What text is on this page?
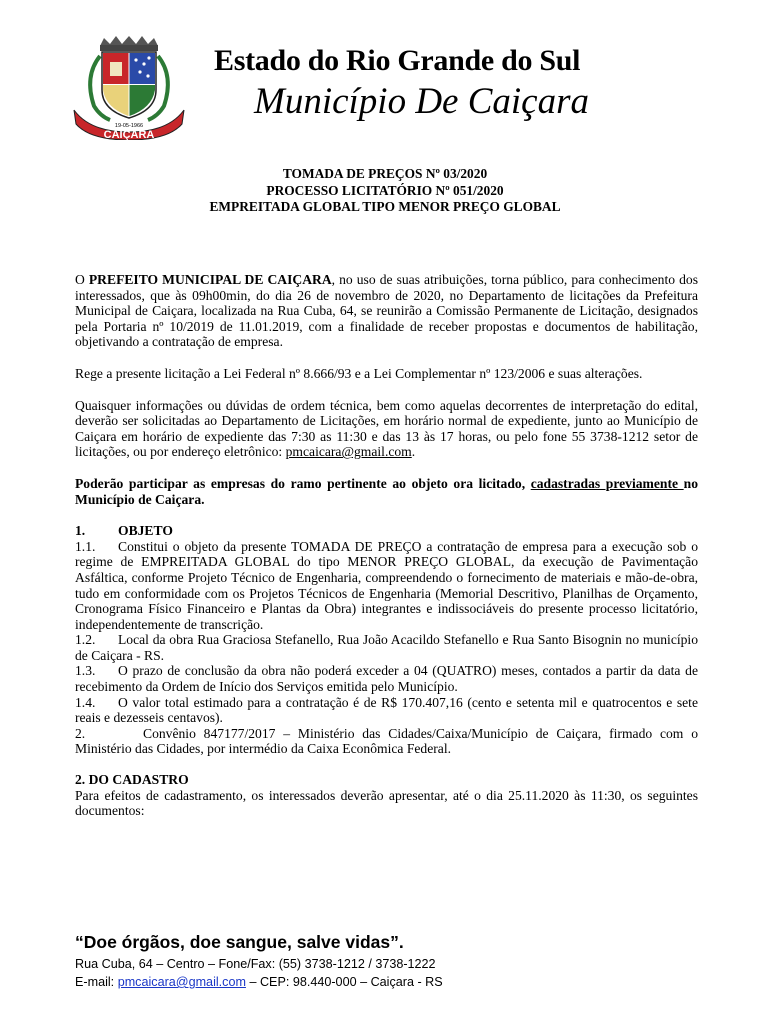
CAIÇARA
19-05-1966
Estado do Rio Grande do Sul
Município De Caiçara
TOMADA DE PREÇOS Nº 03/2020
PROCESSO LICITATÓRIO Nº 051/2020
EMPREITADA GLOBAL TIPO MENOR PREÇO GLOBAL

O PREFEITO MUNICIPAL DE CAIÇARA, no uso de suas atribuições, torna público, para conhecimento dos interessados, que às 09h00min, do dia 26 de novembro de 2020, no Departamento de licitações da Prefeitura Municipal de Caiçara, localizada na Rua Cuba, 64, se reunirão a Comissão Permanente de Licitação, designados pela Portaria nº 10/2019 de 11.01.2019, com a finalidade de receber propostas e documentos de habilitação, objetivando a contratação de empresa.

Rege a presente licitação a Lei Federal nº 8.666/93 e a Lei Complementar nº 123/2006 e suas alterações.

Quaisquer informações ou dúvidas de ordem técnica, bem como aquelas decorrentes de interpretação do edital, deverão ser solicitadas ao Departamento de Licitações, em horário normal de expediente, junto ao Município de Caiçara em horário de expediente das 7:30 as 11:30 e das 13 às 17 horas, ou pelo fone 55 3738-1212 setor de licitações, ou por endereço eletrônico: pmcaicara@gmail.com.

Poderão participar as empresas do ramo pertinente ao objeto ora licitado, cadastradas previamente no Município de Caiçara.

1. OBJETO

1.1. Constitui o objeto da presente TOMADA DE PREÇO a contratação de empresa para a execução sob o regime de EMPREITADA GLOBAL do tipo MENOR PREÇO GLOBAL, da execução de Pavimentação Asfáltica, conforme Projeto Técnico de Engenharia, compreendendo o fornecimento de materiais e mão-de-obra, tudo em conformidade com os Projetos Técnicos de Engenharia (Memorial Descritivo, Planilhas de Orçamento, Cronograma Físico Financeiro e Plantas da Obra) integrantes e indissociáveis do presente processo licitatório, independentemente de transcrição.

1.2. Local da obra Rua Graciosa Stefanello, Rua João Acacildo Stefanello e Rua Santo Bisognin no município de Caiçara - RS.

1.3. O prazo de conclusão da obra não poderá exceder a 04 (QUATRO) meses, contados a partir da data de recebimento da Ordem de Início dos Serviços emitida pelo Município.

1.4. O valor total estimado para a contratação é de R$ 170.407,16 (cento e setenta mil e quatrocentos e sete reais e dezesseis centavos).

2.	Convênio 847177/2017 – Ministério das Cidades/Caixa/Município de Caiçara, firmado com o Ministério das Cidades, por intermédio da Caixa Econômica Federal.

2. DO CADASTRO

Para efeitos de cadastramento, os interessados deverão apresentar, até o dia 25.11.2020 às 11:30, os seguintes documentos:

“Doe órgãos, doe sangue, salve vidas”.
Rua Cuba, 64 – Centro – Fone/Fax: (55) 3738-1212 / 3738-1222
E-mail: pmcaicara@gmail.com – CEP: 98.440-000 – Caiçara - RS
